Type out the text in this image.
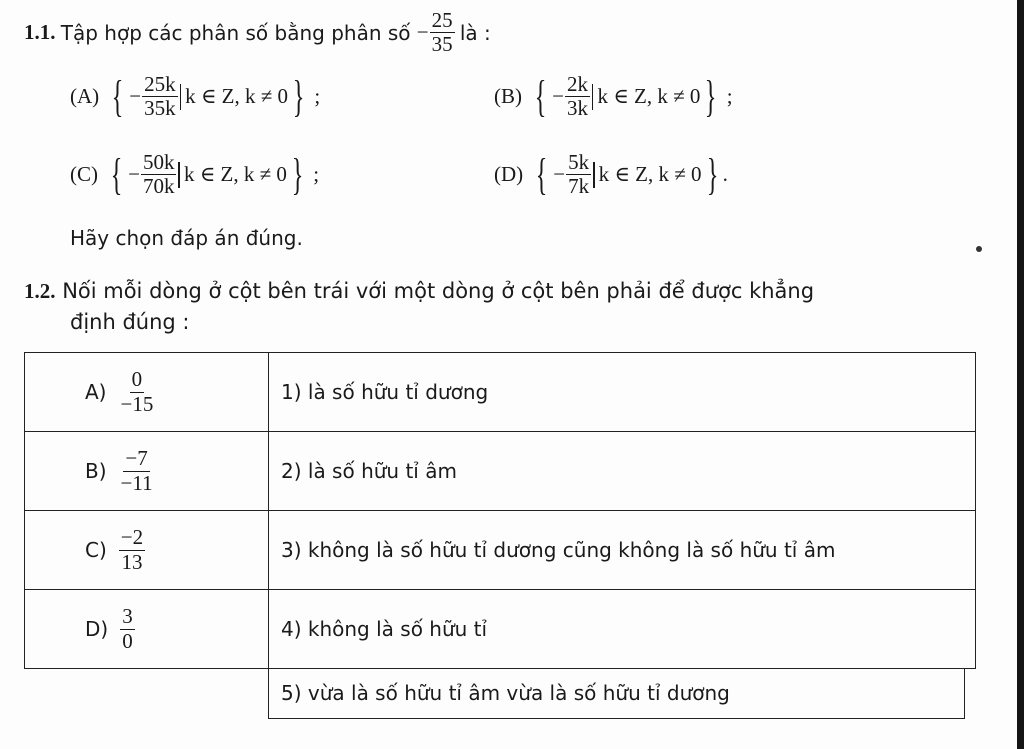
1.1.
Tập hợp các phân số bằng phân số
− $\frac{25}{35}$
là :
(A) { − $\frac{25k}{35k}$ k ∈ Z, k ≠ 0 }
;	(B) { − $\frac{2k}{3k}$ k ∈ Z, k ≠ 0 }
;
(C) { − $\frac{50k}{70k}$ k ∈ Z, k ≠ 0 }
;	(D) { − $\frac{5k}{7k}$ k ∈ Z, k ≠ 0 } .
Hãy chọn đáp án đúng.
1.2. Nối mỗi dòng ở cột bên trái với một dòng ở cột bên phải để được khẳng
định đúng :
$A) \frac{0}{-15}$	1) là số hữu tỉ dương

$B) \frac{-7}{-11}$	2) là số hữu tỉ âm

$C) \frac{-2}{13}$	3) không là số hữu tỉ dương cũng không là số hữu tỉ âm

$D) \frac{3}{0}$	4) không là số hữu tỉ
5) vừa là số hữu tỉ âm vừa là số hữu tỉ dương
